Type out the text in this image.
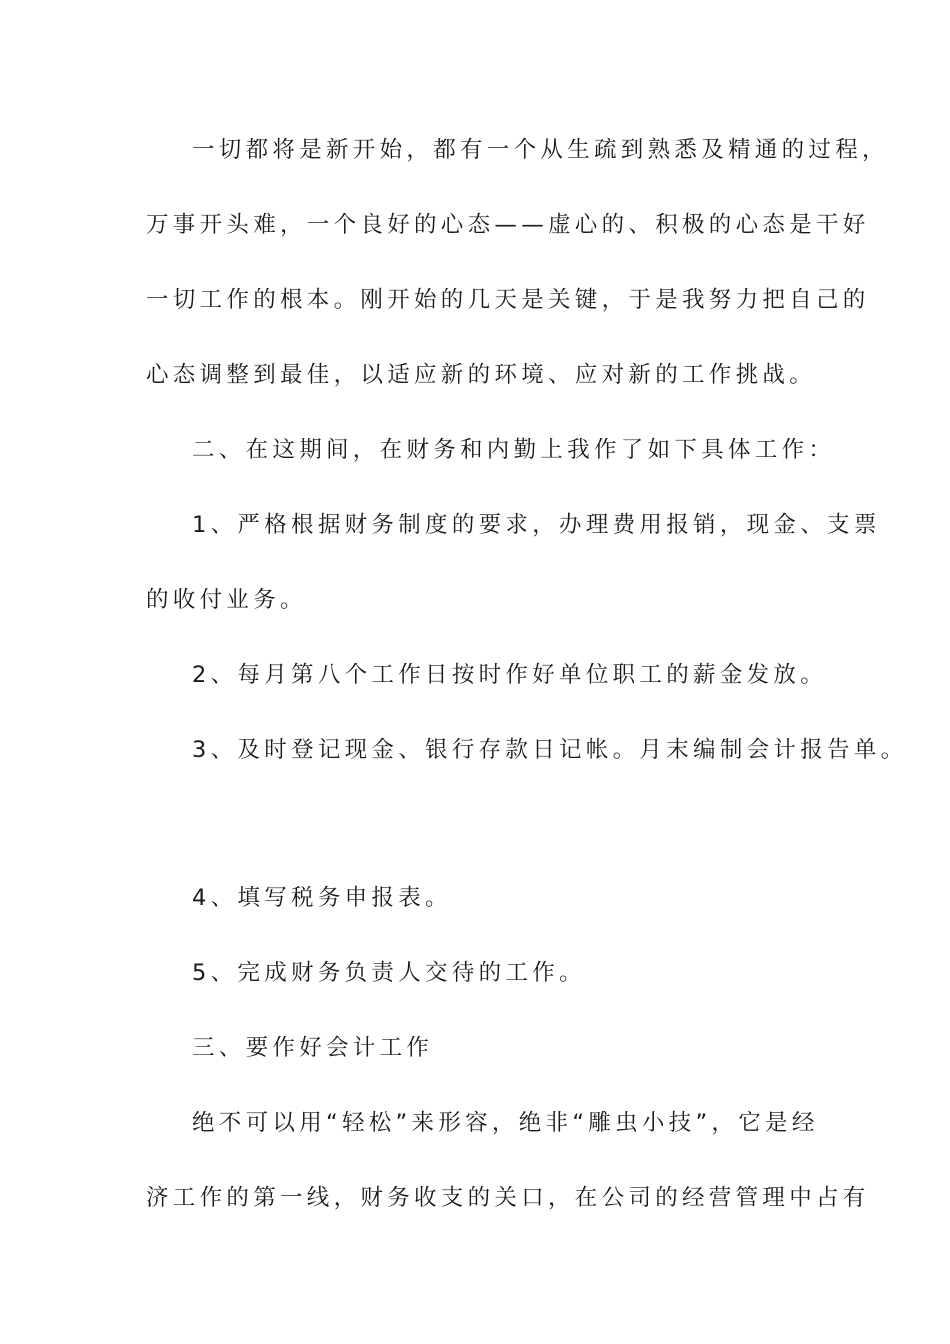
一切都将是新开始，都有一个从生疏到熟悉及精通的过程，
万事开头难，一个良好的心态——虚心的、积极的心态是干好
一切工作的根本。刚开始的几天是关键，于是我努力把自己的
心态调整到最佳，以适应新的环境、应对新的工作挑战。
二、在这期间，在财务和内勤上我作了如下具体工作：
1、严格根据财务制度的要求，办理费用报销，现金、支票
的收付业务。
2、每月第八个工作日按时作好单位职工的薪金发放。
3、及时登记现金、银行存款日记帐。月末编制会计报告单。
4、填写税务申报表。
5、完成财务负责人交待的工作。
三、要作好会计工作
绝不可以用“轻松”来形容，绝非“雕虫小技”，它是经
济工作的第一线，财务收支的关口，在公司的经营管理中占有
